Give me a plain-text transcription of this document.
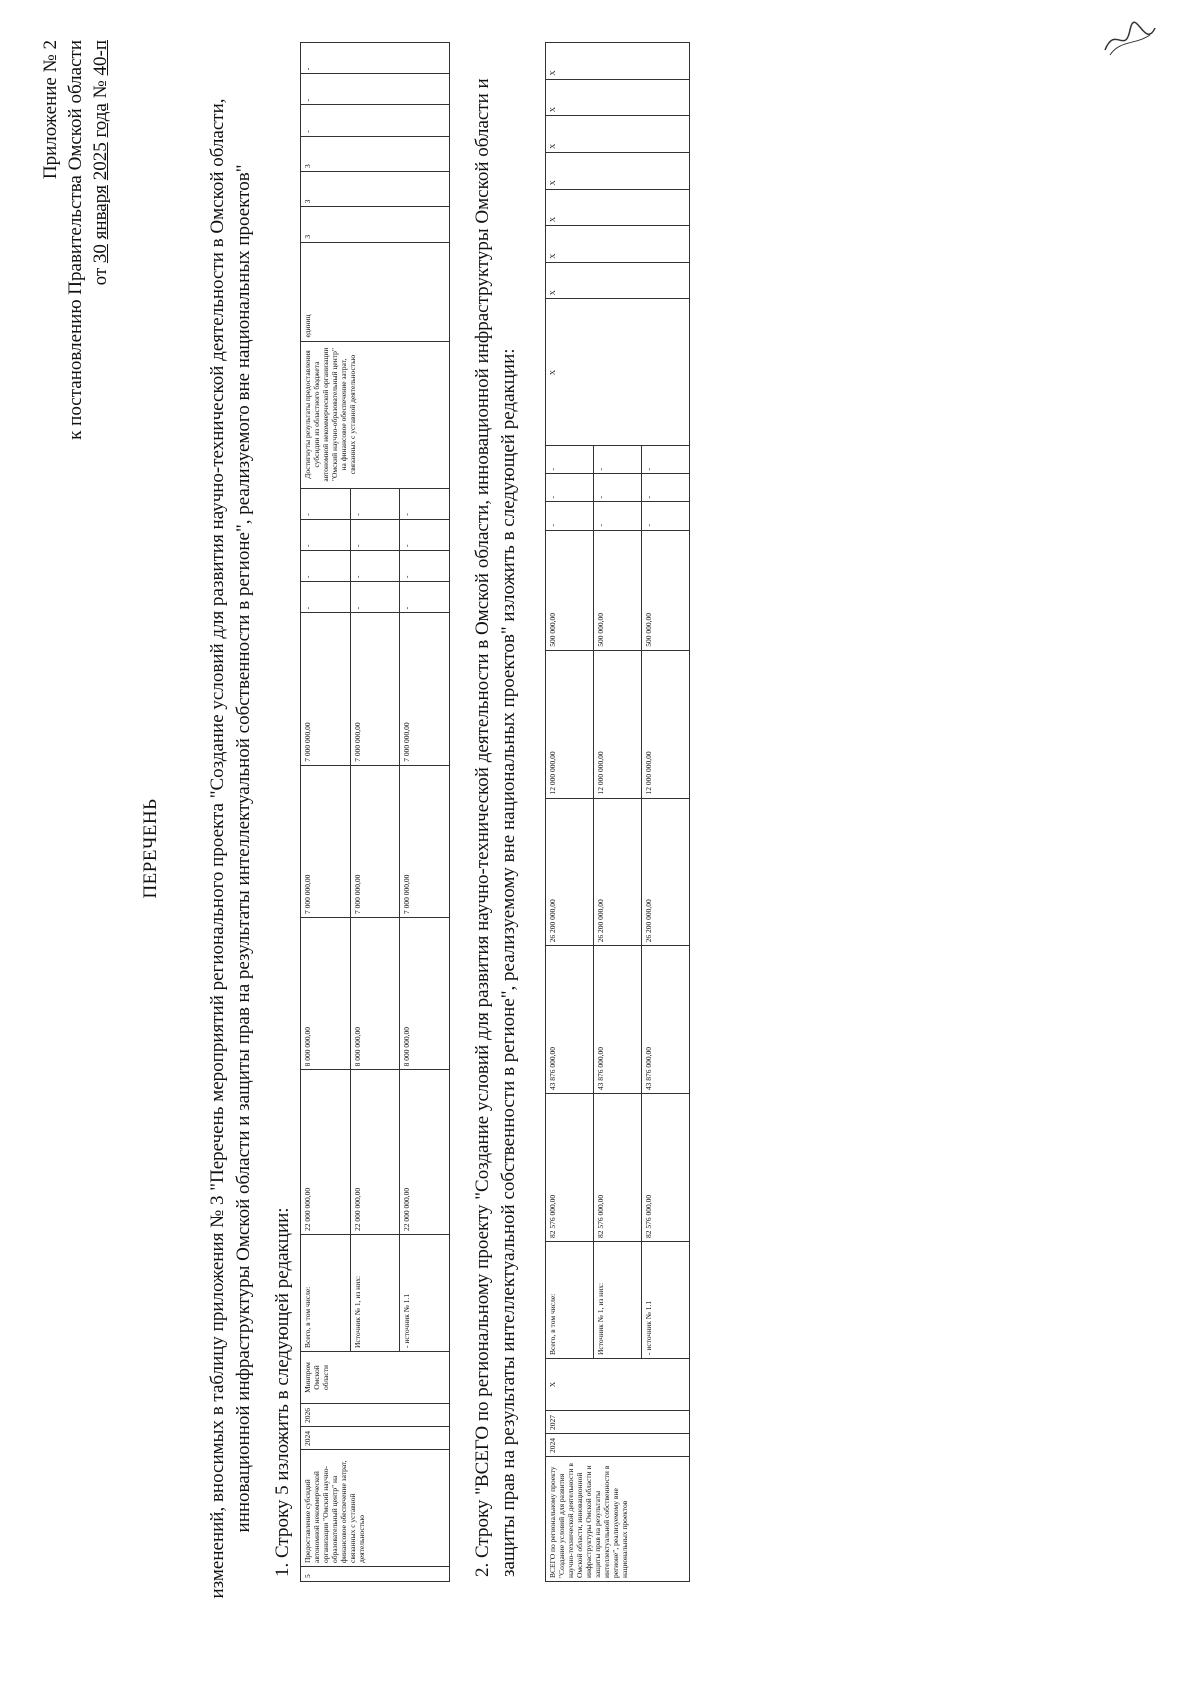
Приложение № 2 к постановлению Правительства Омской области от 30 января 2025 года № 40-п
ПЕРЕЧЕНЬ изменений, вносимых в таблицу приложения № 3 "Перечень мероприятий регионального проекта "Создание условий для развития научно-технической деятельности в Омской области, инновационной инфраструктуры Омской области и защиты прав на результаты интеллектуальной собственности в регионе", реализуемого вне национальных проектов" 1. Строку 5 изложить в следующей редакции: 5	Предоставление субсидий автономной некоммерческой организации "Омский научно-образовательный центр" на финансовое обеспечение затрат, связанных с уставной деятельностью	2024	2026	Минпром Омской области	Всего, в том числе:	22 000 000,00	8 000 000,00	7 000 000,00	7 000 000,00	-	-	-	-	Достигнуты результаты предоставления субсидии из областного бюджета автономной некоммерческой организации "Омский научно-образовательный центр" на финансовое обеспечение затрат, связанных с уставной деятельностью	единиц	3	3	3	-	-	-
					Источник № 1, из них:	22 000 000,00	8 000 000,00	7 000 000,00	7 000 000,00	-	-	-	-								
					- источник № 1.1	22 000 000,00	8 000 000,00	7 000 000,00	7 000 000,00	-	-	-	-									2. Строку "ВСЕГО по региональному проекту "Создание условий для развития научно-технической деятельности в Омской области, инновационной инфраструктуры Омской области и защиты прав на результаты интеллектуальной собственности в регионе", реализуемому вне национальных проектов" изложить в следующей редакции:	ВСЕГО по региональному проекту "Создание условий для развития научно-технической деятельности в Омской области, инновационной инфраструктуры Омской области и защиты прав на результаты интеллектуальной собственности в регионе", реализуемому вне национальных проектов	2024	2027	X	Всего, в том числе:	82 576 000,00	43 876 000,00	26 200 000,00	12 000 000,00	500 000,00	-	-	-	X	X	X	X	X	X	X	X
				Источник № 1, из них:	82 576 000,00	43 876 000,00	26 200 000,00	12 000 000,00	500 000,00	-	-	-								
				- источник № 1.1	82 576 000,00	43 876 000,00	26 200 000,00	12 000 000,00	500 000,00	-	-	-								
